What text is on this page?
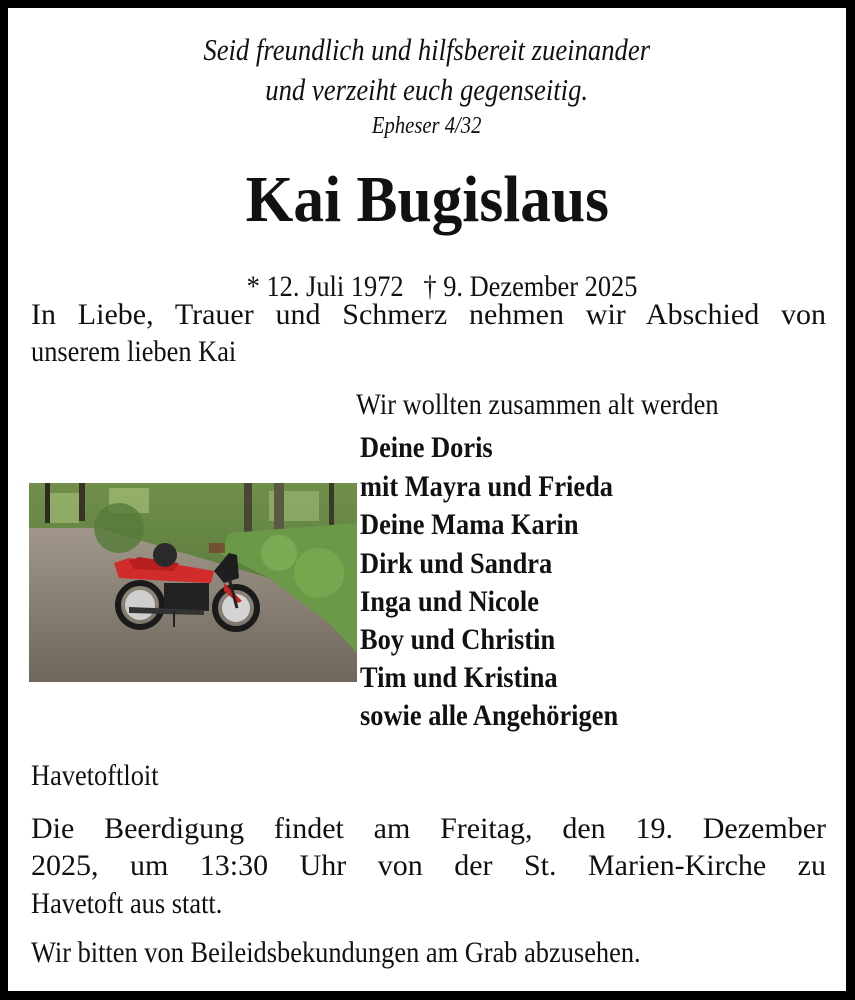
Seid freundlich und hilfsbereit zueinander
und verzeiht euch gegenseitig.
Epheser 4/32
Kai Bugislaus

* 12. Juli 1972   † 9. Dezember 2025

In Liebe, Trauer und Schmerz nehmen wir Abschied von
unserem lieben Kai
Wir wollten zusammen alt werden
Deine Doris
mit Mayra und Frieda
Deine Mama Karin
Dirk und Sandra
Inga und Nicole
Boy und Christin
Tim und Kristina
sowie alle Angehörigen
Havetoftloit
Die Beerdigung findet am Freitag, den 19. Dezember
2025, um 13:30 Uhr von der St. Marien-Kirche zu
Havetoft aus statt.
Wir bitten von Beileidsbekundungen am Grab abzusehen.
